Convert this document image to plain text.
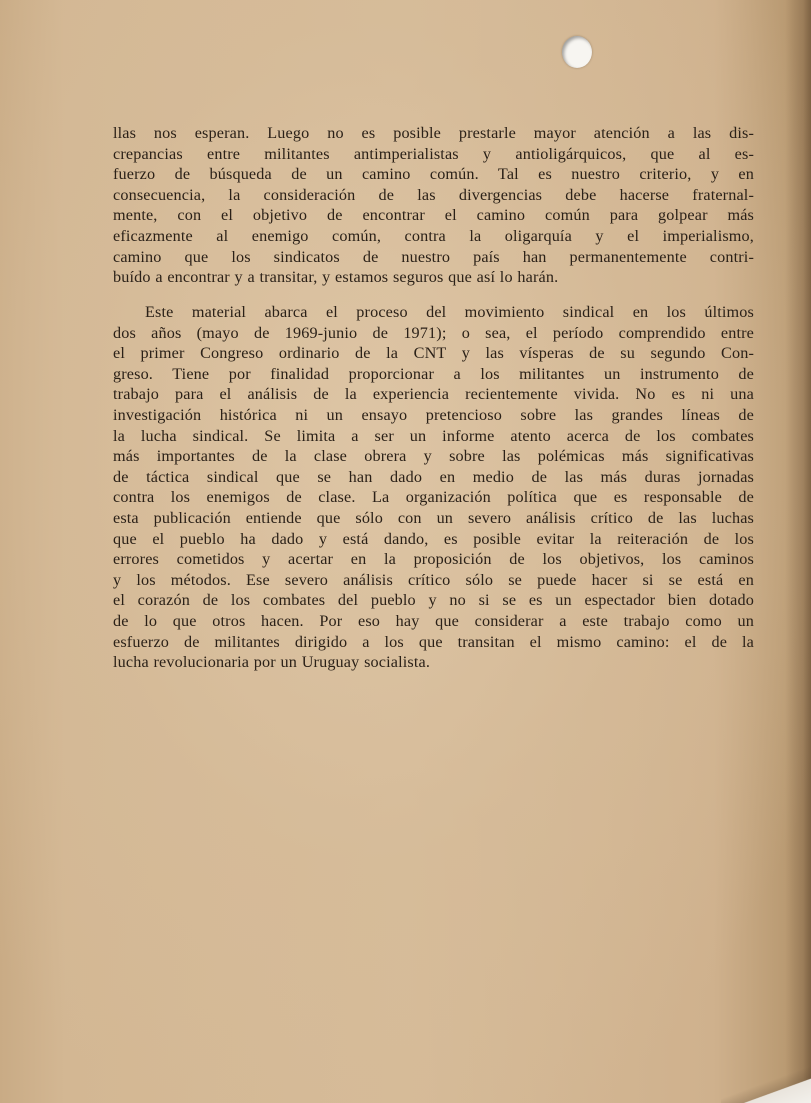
llas nos esperan. Luego no es posible prestarle mayor atención a las dis-
crepancias entre militantes antimperialistas y antioligárquicos, que al es-
fuerzo de búsqueda de un camino común. Tal es nuestro criterio, y en
consecuencia, la consideración de las divergencias debe hacerse fraternal-
mente, con el objetivo de encontrar el camino común para golpear más
eficazmente al enemigo común, contra la oligarquía y el imperialismo,
camino que los sindicatos de nuestro país han permanentemente contri-
buído a encontrar y a transitar, y estamos seguros que así lo harán.
Este material abarca el proceso del movimiento sindical en los últimos
dos años (mayo de 1969-junio de 1971); o sea, el período comprendido entre
el primer Congreso ordinario de la CNT y las vísperas de su segundo Con-
greso. Tiene por finalidad proporcionar a los militantes un instrumento de
trabajo para el análisis de la experiencia recientemente vivida. No es ni una
investigación histórica ni un ensayo pretencioso sobre las grandes líneas de
la lucha sindical. Se limita a ser un informe atento acerca de los combates
más importantes de la clase obrera y sobre las polémicas más significativas
de táctica sindical que se han dado en medio de las más duras jornadas
contra los enemigos de clase. La organización política que es responsable de
esta publicación entiende que sólo con un severo análisis crítico de las luchas
que el pueblo ha dado y está dando, es posible evitar la reiteración de los
errores cometidos y acertar en la proposición de los objetivos, los caminos
y los métodos. Ese severo análisis crítico sólo se puede hacer si se está en
el corazón de los combates del pueblo y no si se es un espectador bien dotado
de lo que otros hacen. Por eso hay que considerar a este trabajo como un
esfuerzo de militantes dirigido a los que transitan el mismo camino: el de la
lucha revolucionaria por un Uruguay socialista.
